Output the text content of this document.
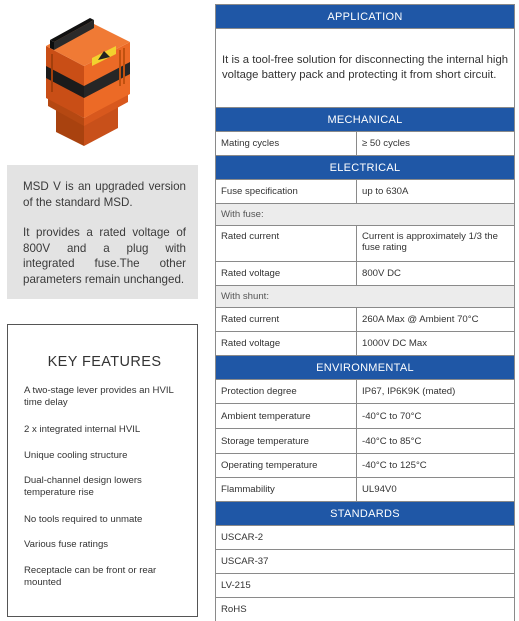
MSD V is an upgraded version of the standard MSD.

It provides a rated voltage of 800V and a plug with integrated fuse.The other parameters remain unchanged.

KEY FEATURES
A two-stage lever provides an HVIL time delay
2 x integrated internal HVIL
Unique cooling structure
Dual-channel design lowers temperature rise
No tools required to unmate
Various fuse ratings
Receptacle can be front or rear mounted
APPLICATION	
It is a tool-free solution for disconnecting the internal high voltage battery pack and protecting it from short circuit.	
MECHANICAL	
Mating cycles	≥ 50 cycles
ELECTRICAL	
Fuse specification	up to 630A
With fuse:	
Rated current	Current is approximately 1/3 the fuse rating
Rated voltage	800V DC
With shunt:	
Rated current	260A Max @ Ambient 70°C
Rated voltage	1000V DC Max
ENVIRONMENTAL	
Protection degree	IP67, IP6K9K (mated)
Ambient temperature	-40°C to 70°C
Storage temperature	-40°C to 85°C
Operating temperature	-40°C to 125°C
Flammability	UL94V0
STANDARDS	
USCAR-2	
USCAR-37	
LV-215	
RoHS	
